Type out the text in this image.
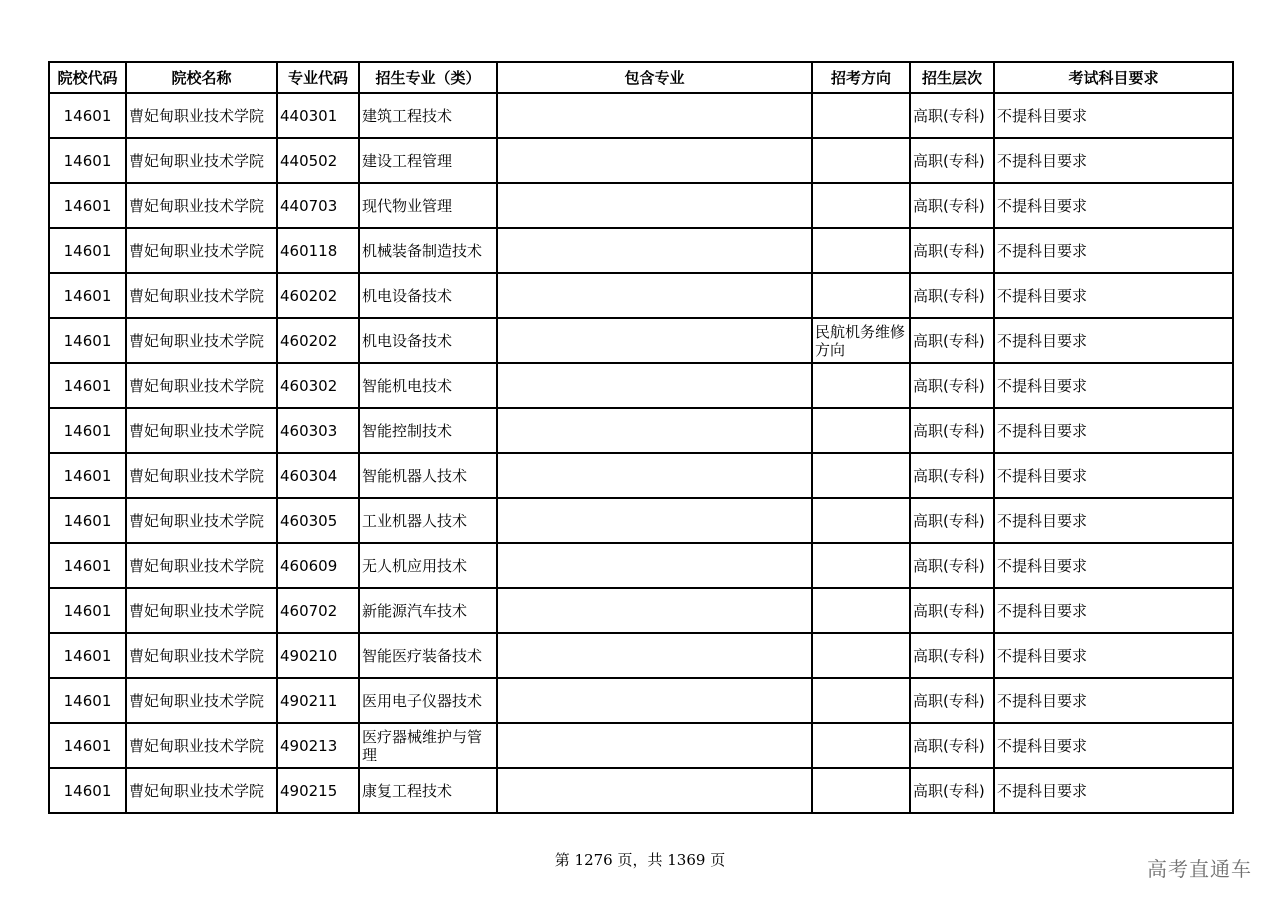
院校代码	院校名称	专业代码	招生专业（类）	包含专业	招考方向	招生层次	考试科目要求
14601	曹妃甸职业技术学院	440301	建筑工程技术			高职(专科)	不提科目要求
14601	曹妃甸职业技术学院	440502	建设工程管理			高职(专科)	不提科目要求
14601	曹妃甸职业技术学院	440703	现代物业管理			高职(专科)	不提科目要求
14601	曹妃甸职业技术学院	460118	机械装备制造技术			高职(专科)	不提科目要求
14601	曹妃甸职业技术学院	460202	机电设备技术			高职(专科)	不提科目要求
14601	曹妃甸职业技术学院	460202	机电设备技术		民航机务维修方向	高职(专科)	不提科目要求
14601	曹妃甸职业技术学院	460302	智能机电技术			高职(专科)	不提科目要求
14601	曹妃甸职业技术学院	460303	智能控制技术			高职(专科)	不提科目要求
14601	曹妃甸职业技术学院	460304	智能机器人技术			高职(专科)	不提科目要求
14601	曹妃甸职业技术学院	460305	工业机器人技术			高职(专科)	不提科目要求
14601	曹妃甸职业技术学院	460609	无人机应用技术			高职(专科)	不提科目要求
14601	曹妃甸职业技术学院	460702	新能源汽车技术			高职(专科)	不提科目要求
14601	曹妃甸职业技术学院	490210	智能医疗装备技术			高职(专科)	不提科目要求
14601	曹妃甸职业技术学院	490211	医用电子仪器技术			高职(专科)	不提科目要求
14601	曹妃甸职业技术学院	490213	医疗器械维护与管理			高职(专科)	不提科目要求
14601	曹妃甸职业技术学院	490215	康复工程技术			高职(专科)	不提科目要求
第 1276 页，共 1369 页	高考直通车
